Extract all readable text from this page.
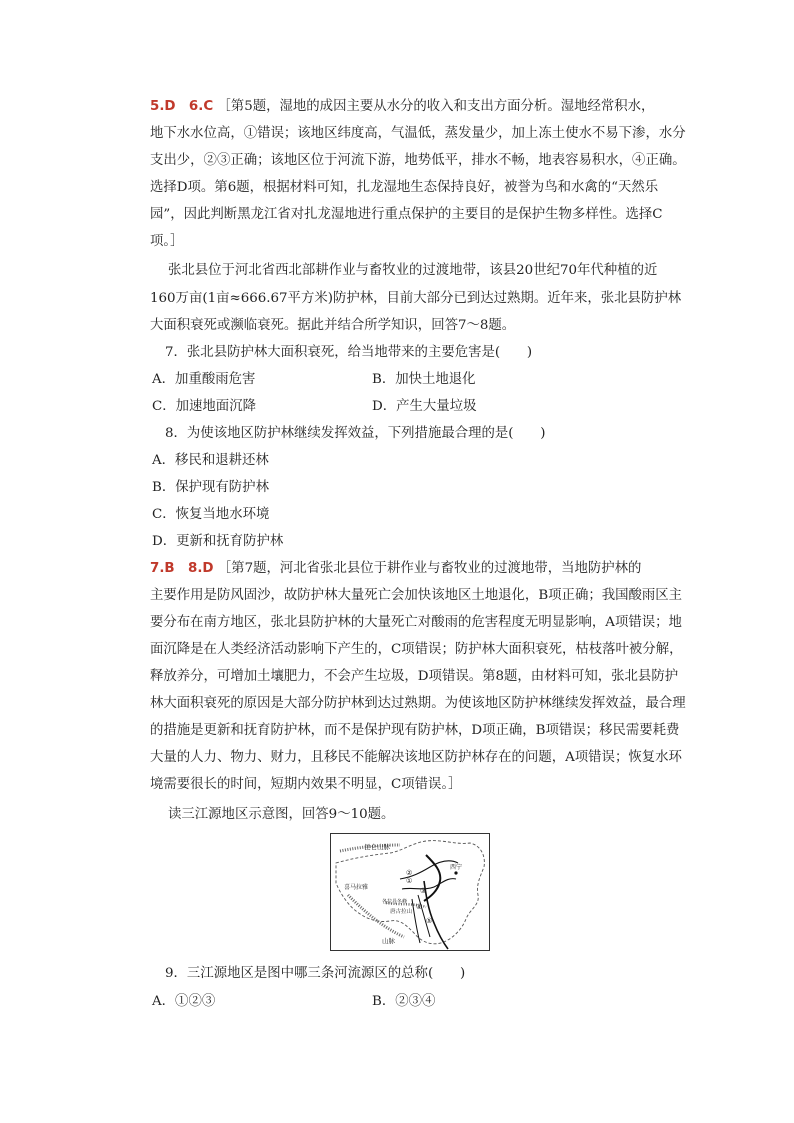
5.D　6.C ［第5题，湿地的成因主要从水分的收入和支出方面分析。湿地经常积水，
地下水水位高，①错误；该地区纬度高，气温低，蒸发量少，加上冻土使水不易下渗，水分
支出少，②③正确；该地区位于河流下游，地势低平，排水不畅，地表容易积水，④正确。
选择D项。第6题，根据材料可知，扎龙湿地生态保持良好，被誉为鸟和水禽的“天然乐
园”，因此判断黑龙江省对扎龙湿地进行重点保护的主要目的是保护生物多样性。选择C
项。］
张北县位于河北省西北部耕作业与畜牧业的过渡地带，该县20世纪70年代种植的近
160万亩(1亩≈666.67平方米)防护林，目前大部分已到达过熟期。近年来，张北县防护林
大面积衰死或濒临衰死。据此并结合所学知识，回答7～8题。
7．张北县防护林大面积衰死，给当地带来的主要危害是(　　)
A．加重酸雨危害	B．加快土地退化
C．加速地面沉降	D．产生大量垃圾
8．为使该地区防护林继续发挥效益，下列措施最合理的是(　　)
A．移民和退耕还林
B．保护现有防护林
C．恢复当地水环境
D．更新和抚育防护林
7.B　8.D ［第7题，河北省张北县位于耕作业与畜牧业的过渡地带，当地防护林的
主要作用是防风固沙，故防护林大量死亡会加快该地区土地退化，B项正确；我国酸雨区主
要分布在南方地区，张北县防护林的大量死亡对酸雨的危害程度无明显影响，A项错误；地
面沉降是在人类经济活动影响下产生的，C项错误；防护林大面积衰死，枯枝落叶被分解，
释放养分，可增加土壤肥力，不会产生垃圾，D项错误。第8题，由材料可知，张北县防护
林大面积衰死的原因是大部分防护林到达过熟期。为使该地区防护林继续发挥效益，最合理
的措施是更新和抚育防护林，而不是保护现有防护林，D项正确，B项错误；移民需要耗费
大量的人力、物力、财力，且移民不能解决该地区防护林存在的问题，A项错误；恢复水环
境需要很长的时间，短期内效果不明显，C项错误。］
读三江源地区示意图，回答9～10题。
昆仑山脉
喜马拉雅
山脉
唐古拉山
各拉丹冬峰
西宁
①
②
③
④
⑤
9．三江源地区是图中哪三条河流源区的总称(　　)
A．①②③	B．②③④
